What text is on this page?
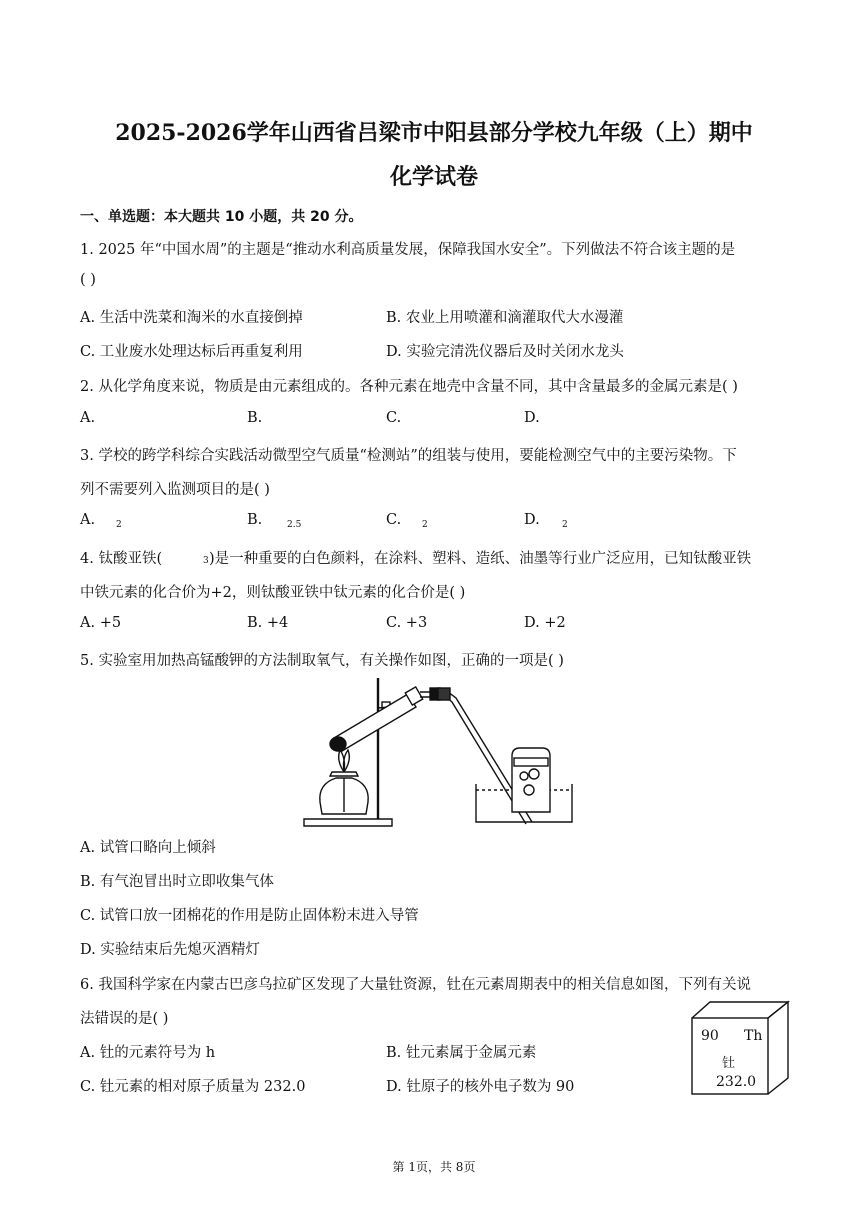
2025-2026学年山西省吕梁市中阳县部分学校九年级（上）期中
化学试卷
一、单选题：本大题共 10 小题，共 20 分。
1. 2025 年“中国水周”的主题是“推动水利高质量发展，保障我国水安全”。下列做法不符合该主题的是
( )
A. 生活中洗菜和淘米的水直接倒掉	B. 农业上用喷灌和滴灌取代大水漫灌
C. 工业废水处理达标后再重复利用	D. 实验完清洗仪器后及时关闭水龙头
2. 从化学角度来说，物质是由元素组成的。各种元素在地壳中含量不同，其中含量最多的金属元素是( )
A.	B.	C.	D.
3. 学校的跨学科综合实践活动微型空气质量“检测站”的组装与使用，要能检测空气中的主要污染物。下
列不需要列入监测项目的是( )
A. 2	B.	2.5	C. 2	D. 2
4. 钛酸亚铁(	3 )是一种重要的白色颜料，在涂料、塑料、造纸、油墨等行业广泛应用，已知钛酸亚铁
中铁元素的化合价为+2，则钛酸亚铁中钛元素的化合价是( )
A. +5	B. +4	C. +3	D. +2
5. 实验室用加热高锰酸钾的方法制取氧气，有关操作如图，正确的一项是( )
A. 试管口略向上倾斜
B. 有气泡冒出时立即收集气体
C. 试管口放一团棉花的作用是防止固体粉末进入导管
D. 实验结束后先熄灭酒精灯
6. 我国科学家在内蒙古巴彦乌拉矿区发现了大量钍资源，钍在元素周期表中的相关信息如图，下列有关说
法错误的是( )
A. 钍的元素符号为 h	B. 钍元素属于金属元素
C. 钍元素的相对原子质量为 232.0	D. 钍原子的核外电子数为 90
90 Th
钍
232.0
第 1页，共 8页
